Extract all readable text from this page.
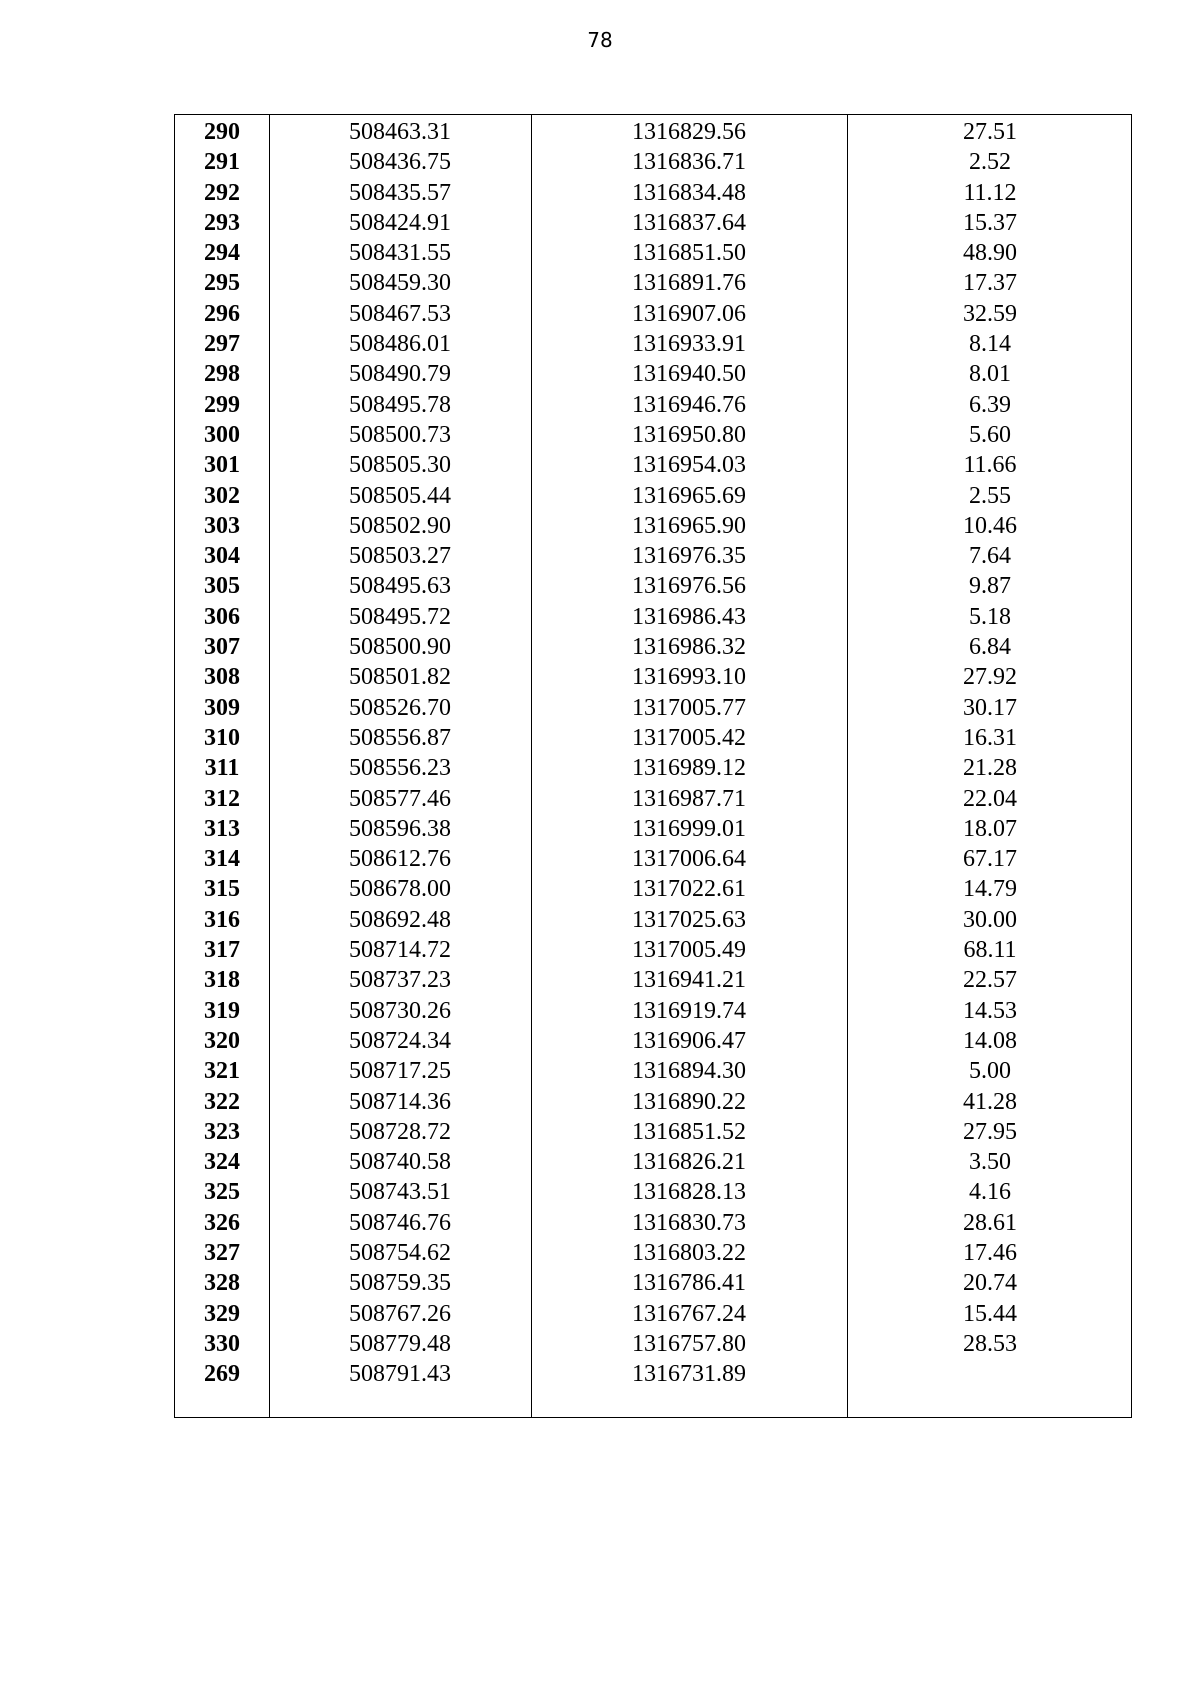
78
290	508463.31	1316829.56	27.51
291	508436.75	1316836.71	2.52
292	508435.57	1316834.48	11.12
293	508424.91	1316837.64	15.37
294	508431.55	1316851.50	48.90
295	508459.30	1316891.76	17.37
296	508467.53	1316907.06	32.59
297	508486.01	1316933.91	8.14
298	508490.79	1316940.50	8.01
299	508495.78	1316946.76	6.39
300	508500.73	1316950.80	5.60
301	508505.30	1316954.03	11.66
302	508505.44	1316965.69	2.55
303	508502.90	1316965.90	10.46
304	508503.27	1316976.35	7.64
305	508495.63	1316976.56	9.87
306	508495.72	1316986.43	5.18
307	508500.90	1316986.32	6.84
308	508501.82	1316993.10	27.92
309	508526.70	1317005.77	30.17
310	508556.87	1317005.42	16.31
311	508556.23	1316989.12	21.28
312	508577.46	1316987.71	22.04
313	508596.38	1316999.01	18.07
314	508612.76	1317006.64	67.17
315	508678.00	1317022.61	14.79
316	508692.48	1317025.63	30.00
317	508714.72	1317005.49	68.11
318	508737.23	1316941.21	22.57
319	508730.26	1316919.74	14.53
320	508724.34	1316906.47	14.08
321	508717.25	1316894.30	5.00
322	508714.36	1316890.22	41.28
323	508728.72	1316851.52	27.95
324	508740.58	1316826.21	3.50
325	508743.51	1316828.13	4.16
326	508746.76	1316830.73	28.61
327	508754.62	1316803.22	17.46
328	508759.35	1316786.41	20.74
329	508767.26	1316767.24	15.44
330	508779.48	1316757.80	28.53
269	508791.43	1316731.89
